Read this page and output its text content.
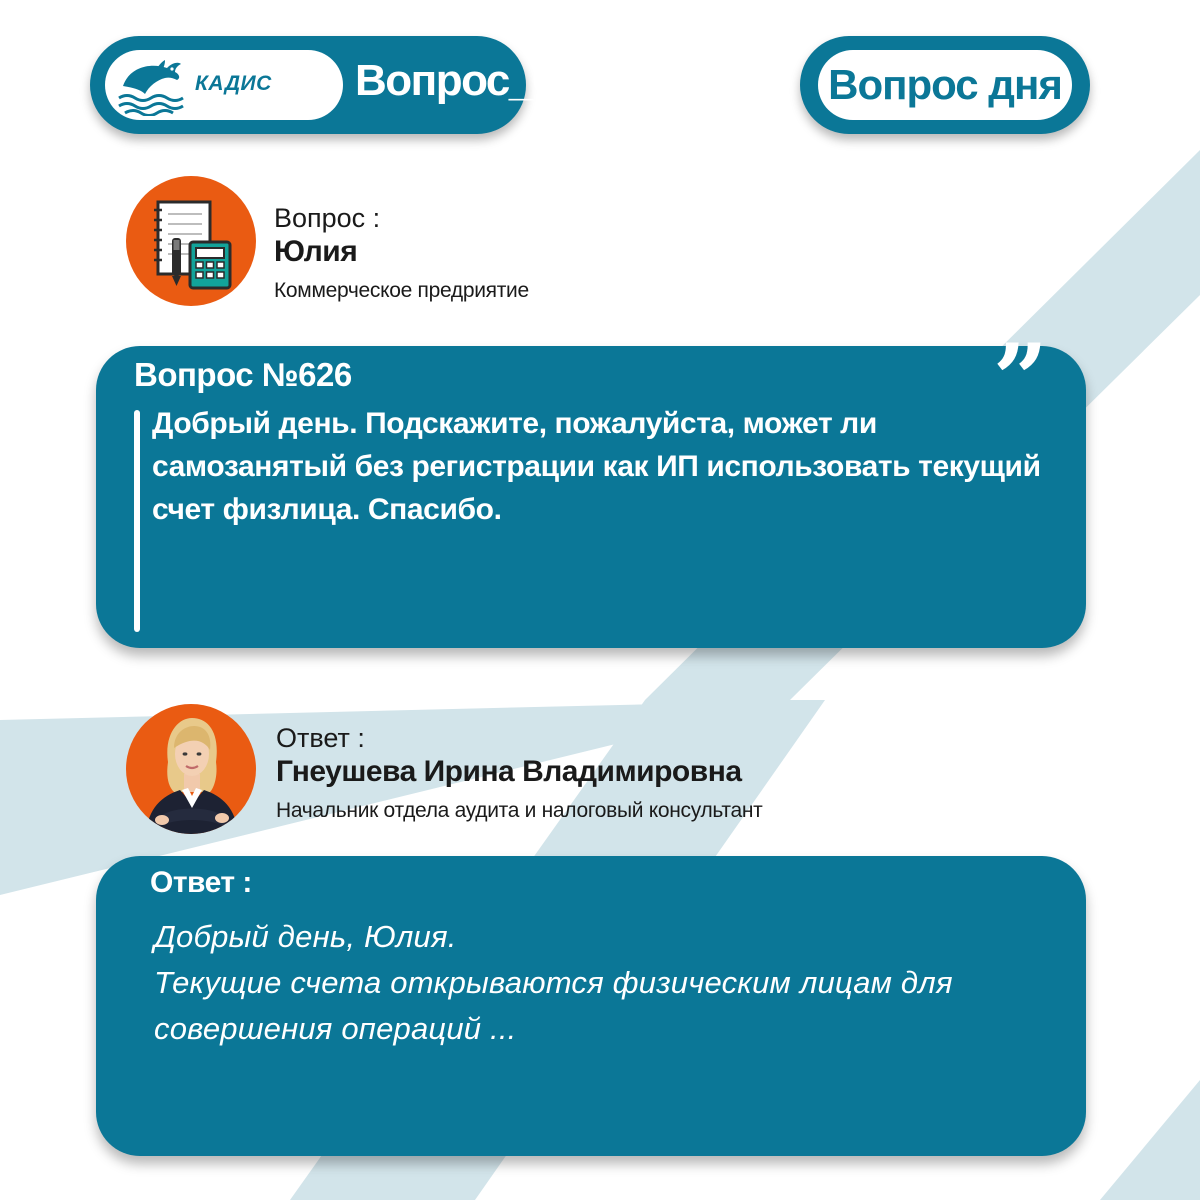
КАДИС Вопрос_Ответ	Вопрос дня
Вопрос :
Юлия
Коммерческое предриятие
Вопрос №626	”
Добрый день. Подскажите, пожалуйста, может ли самозанятый без регистрации как ИП использовать текущий счет физлица. Спасибо.
Ответ :
Гнеушева Ирина Владимировна
Начальник отдела аудита и налоговый консультант
Ответ :
Добрый день, Юлия.
Текущие счета открываются физическим лицам для
совершения операций ...
